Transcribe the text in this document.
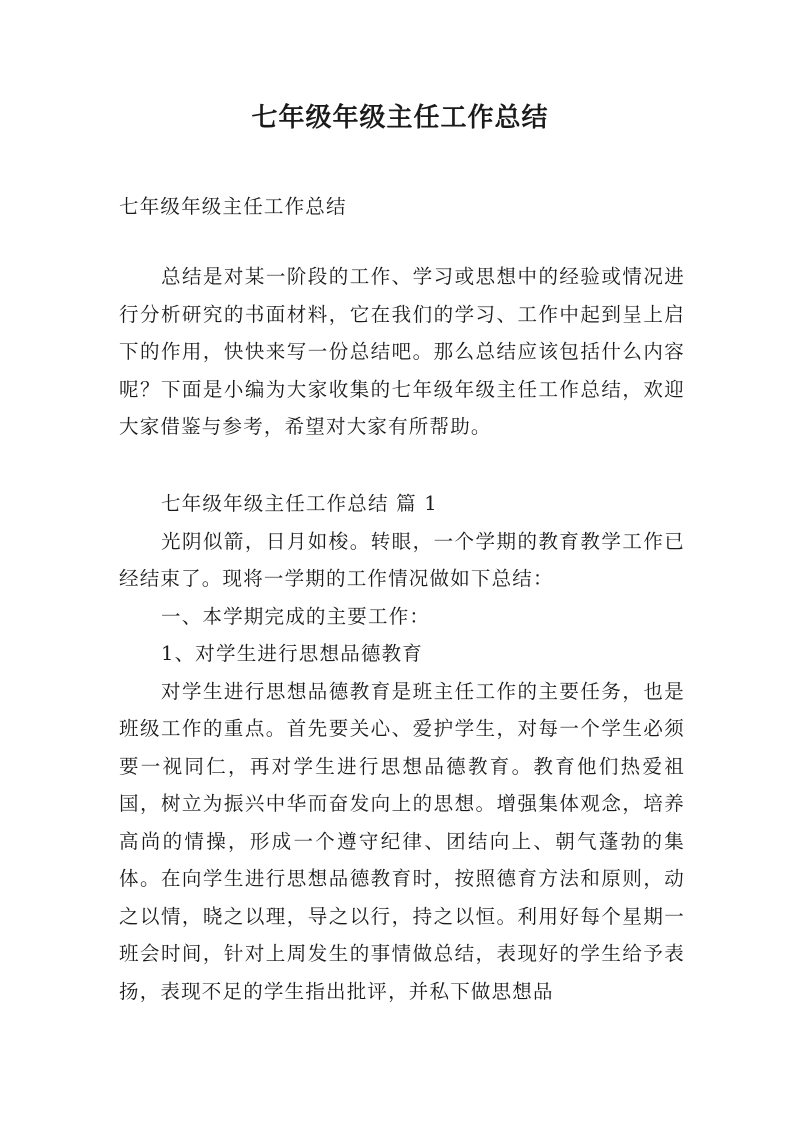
七年级年级主任工作总结

七年级年级主任工作总结

总结是对某一阶段的工作、学习或思想中的经验或情况进行分析研究的书面材料，它在我们的学习、工作中起到呈上启下的作用，快快来写一份总结吧。那么总结应该包括什么内容呢？下面是小编为大家收集的七年级年级主任工作总结，欢迎大家借鉴与参考，希望对大家有所帮助。

七年级年级主任工作总结 篇 1

光阴似箭，日月如梭。转眼，一个学期的教育教学工作已经结束了。现将一学期的工作情况做如下总结：

一、本学期完成的主要工作：

1、对学生进行思想品德教育

对学生进行思想品德教育是班主任工作的主要任务，也是班级工作的重点。首先要关心、爱护学生，对每一个学生必须要一视同仁，再对学生进行思想品德教育。教育他们热爱祖国，树立为振兴中华而奋发向上的思想。增强集体观念，培养高尚的情操，形成一个遵守纪律、团结向上、朝气蓬勃的集体。在向学生进行思想品德教育时，按照德育方法和原则，动之以情，晓之以理，导之以行，持之以恒。利用好每个星期一班会时间，针对上周发生的事情做总结，表现好的学生给予表扬，表现不足的学生指出批评，并私下做思想品
